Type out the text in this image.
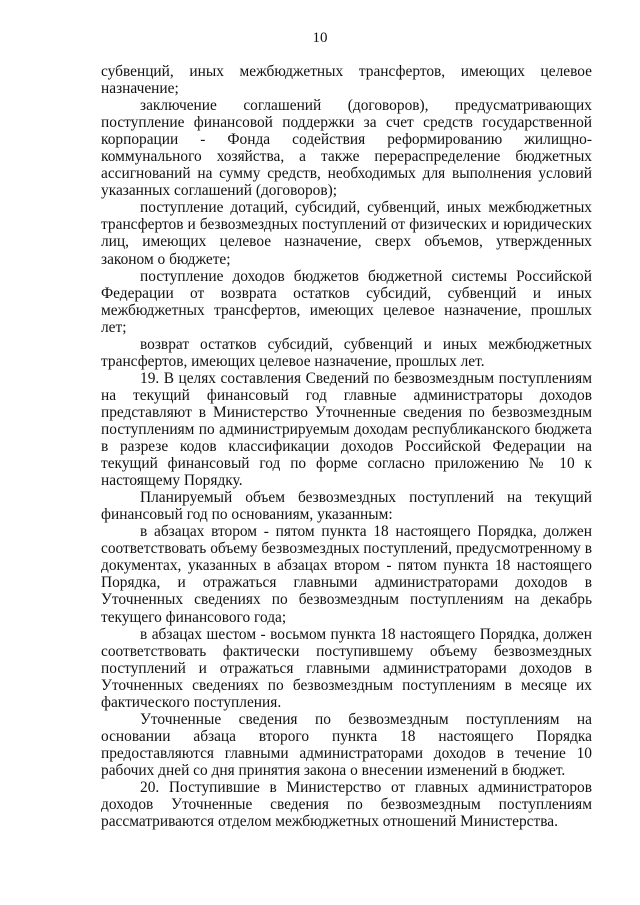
10

субвенций, иных межбюджетных трансфертов, имеющих целевое назначение;

заключение соглашений (договоров), предусматривающих поступление финансовой поддержки за счет средств государственной корпорации - Фонда содействия реформированию жилищно-коммунального хозяйства, а также перераспределение бюджетных ассигнований на сумму средств, необходимых для выполнения условий указанных соглашений (договоров);

поступление дотаций, субсидий, субвенций, иных межбюджетных трансфертов и безвозмездных поступлений от физических и юридических лиц, имеющих целевое назначение, сверх объемов, утвержденных законом о бюджете;

поступление доходов бюджетов бюджетной системы Российской Федерации от возврата остатков субсидий, субвенций и иных межбюджетных трансфертов, имеющих целевое назначение, прошлых лет;

возврат остатков субсидий, субвенций и иных межбюджетных трансфертов, имеющих целевое назначение, прошлых лет.

19. В целях составления Сведений по безвозмездным поступлениям на текущий финансовый год главные администраторы доходов представляют в Министерство Уточненные сведения по безвозмездным поступлениям по администрируемым доходам республиканского бюджета в разрезе кодов классификации доходов Российской Федерации на текущий финансовый год по форме согласно приложению № 10 к настоящему Порядку.

Планируемый объем безвозмездных поступлений на текущий финансовый год по основаниям, указанным:

в абзацах втором - пятом пункта 18 настоящего Порядка, должен соответствовать объему безвозмездных поступлений, предусмотренному в документах, указанных в абзацах втором - пятом пункта 18 настоящего Порядка, и отражаться главными администраторами доходов в Уточненных сведениях по безвозмездным поступлениям на декабрь текущего финансового года;

в абзацах шестом - восьмом пункта 18 настоящего Порядка, должен соответствовать фактически поступившему объему безвозмездных поступлений и отражаться главными администраторами доходов в Уточненных сведениях по безвозмездным поступлениям в месяце их фактического поступления.

Уточненные сведения по безвозмездным поступлениям на основании абзаца второго пункта 18 настоящего Порядка предоставляются главными администраторами доходов в течение 10 рабочих дней со дня принятия закона о внесении изменений в бюджет.

20. Поступившие в Министерство от главных администраторов доходов Уточненные сведения по безвозмездным поступлениям рассматриваются отделом межбюджетных отношений Министерства.
